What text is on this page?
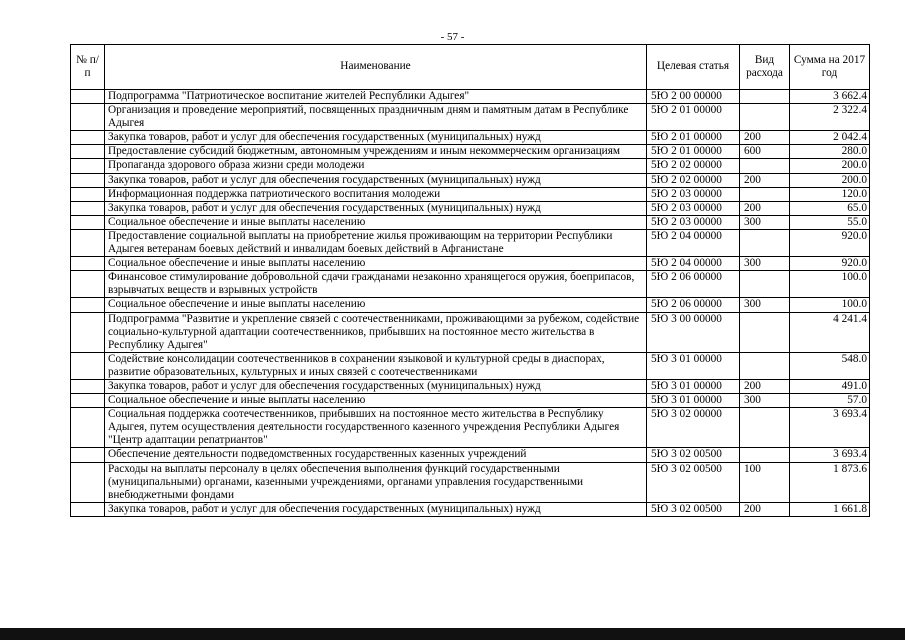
- 57 -
№ п/п	Наименование	Целевая статья	Вид расхода	Сумма на 2017 год
	Подпрограмма "Патриотическое воспитание жителей Республики Адыгея"	5Ю 2 00 00000		3 662.4
	Организация и проведение мероприятий, посвященных праздничным дням и памятным датам в Республике Адыгея	5Ю 2 01 00000		2 322.4
	Закупка товаров, работ и услуг для обеспечения государственных (муниципальных) нужд	5Ю 2 01 00000	200	2 042.4
	Предоставление субсидий бюджетным, автономным учреждениям и иным некоммерческим организациям	5Ю 2 01 00000	600	280.0
	Пропаганда здорового образа жизни среди молодежи	5Ю 2 02 00000		200.0
	Закупка товаров, работ и услуг для обеспечения государственных (муниципальных) нужд	5Ю 2 02 00000	200	200.0
	Информационная поддержка патриотического воспитания молодежи	5Ю 2 03 00000		120.0
	Закупка товаров, работ и услуг для обеспечения государственных (муниципальных) нужд	5Ю 2 03 00000	200	65.0
	Социальное обеспечение и иные выплаты населению	5Ю 2 03 00000	300	55.0
	Предоставление социальной выплаты на приобретение жилья проживающим на территории Республики Адыгея ветеранам боевых действий и инвалидам боевых действий в Афганистане	5Ю 2 04 00000		920.0
	Социальное обеспечение и иные выплаты населению	5Ю 2 04 00000	300	920.0
	Финансовое стимулирование добровольной сдачи гражданами незаконно хранящегося оружия, боеприпасов, взрывчатых веществ и взрывных устройств	5Ю 2 06 00000		100.0
	Социальное обеспечение и иные выплаты населению	5Ю 2 06 00000	300	100.0
	Подпрограмма "Развитие и укрепление связей с соотечественниками, проживающими за рубежом, содействие социально-культурной адаптации соотечественников, прибывших на постоянное место жительства в Республику Адыгея"	5Ю 3 00 00000		4 241.4
	Содействие консолидации соотечественников в сохранении языковой и культурной среды в диаспорах, развитие образовательных, культурных и иных связей с соотечественниками	5Ю 3 01 00000		548.0
	Закупка товаров, работ и услуг для обеспечения государственных (муниципальных) нужд	5Ю 3 01 00000	200	491.0
	Социальное обеспечение и иные выплаты населению	5Ю 3 01 00000	300	57.0
	Социальная поддержка соотечественников, прибывших на постоянное место жительства в Республику Адыгея, путем осуществления деятельности государственного казенного учреждения Республики Адыгея "Центр адаптации репатриантов"	5Ю 3 02 00000		3 693.4
	Обеспечение деятельности подведомственных государственных казенных учреждений	5Ю 3 02 00500		3 693.4
	Расходы на выплаты персоналу в целях обеспечения выполнения функций государственными (муниципальными) органами, казенными учреждениями, органами управления государственными внебюджетными фондами	5Ю 3 02 00500	100	1 873.6
	Закупка товаров, работ и услуг для обеспечения государственных (муниципальных) нужд	5Ю 3 02 00500	200	1 661.8
